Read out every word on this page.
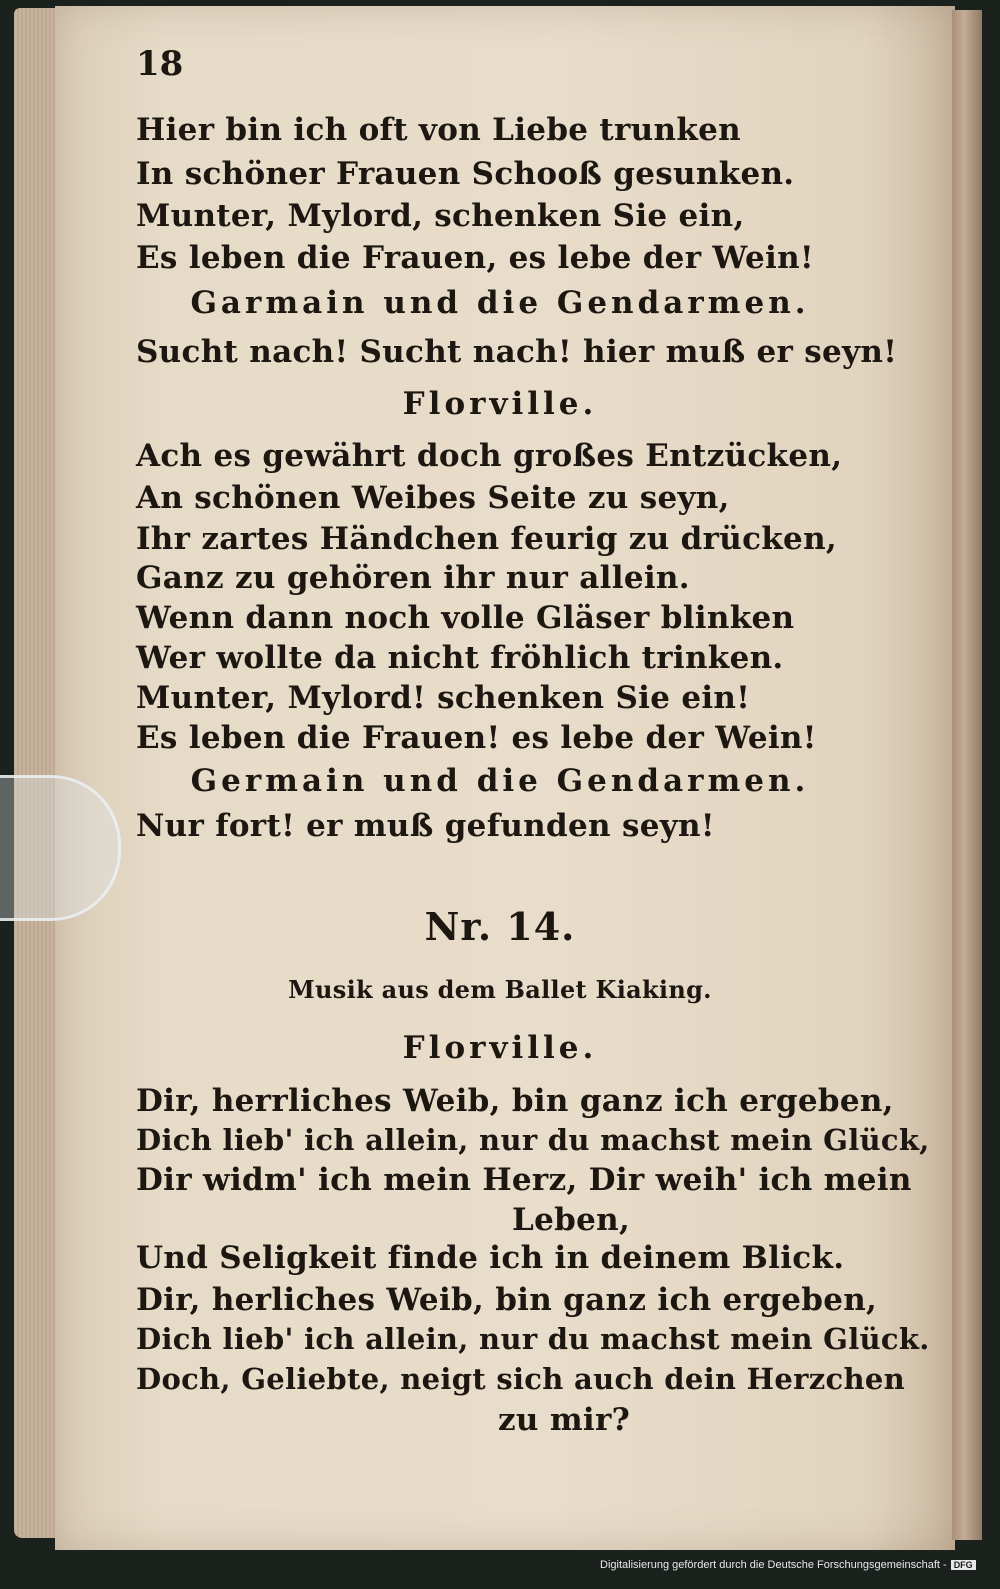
18
Hier bin ich oft von Liebe trunken
In schöner Frauen Schooß gesunken.
Munter, Mylord, schenken Sie ein,
Es leben die Frauen, es lebe der Wein!
Garmain und die Gendarmen.
Sucht nach! Sucht nach! hier muß er seyn!
Florville.
Ach es gewährt doch großes Entzücken,
An schönen Weibes Seite zu seyn,
Ihr zartes Händchen feurig zu drücken,
Ganz zu gehören ihr nur allein.
Wenn dann noch volle Gläser blinken
Wer wollte da nicht fröhlich trinken.
Munter, Mylord! schenken Sie ein!
Es leben die Frauen! es lebe der Wein!
Germain und die Gendarmen.
Nur fort! er muß gefunden seyn!
Nr. 14.
Musik aus dem Ballet Kiaking.
Florville.
Dir, herrliches Weib, bin ganz ich ergeben,
Dich lieb' ich allein, nur du machst mein Glück,
Dir widm' ich mein Herz, Dir weih' ich mein
Leben,
Und Seligkeit finde ich in deinem Blick.
Dir, herliches Weib, bin ganz ich ergeben,
Dich lieb' ich allein, nur du machst mein Glück.
Doch, Geliebte, neigt sich auch dein Herzchen
zu mir?
Digitalisierung gefördert durch die Deutsche Forschungsgemeinschaft - DFG
